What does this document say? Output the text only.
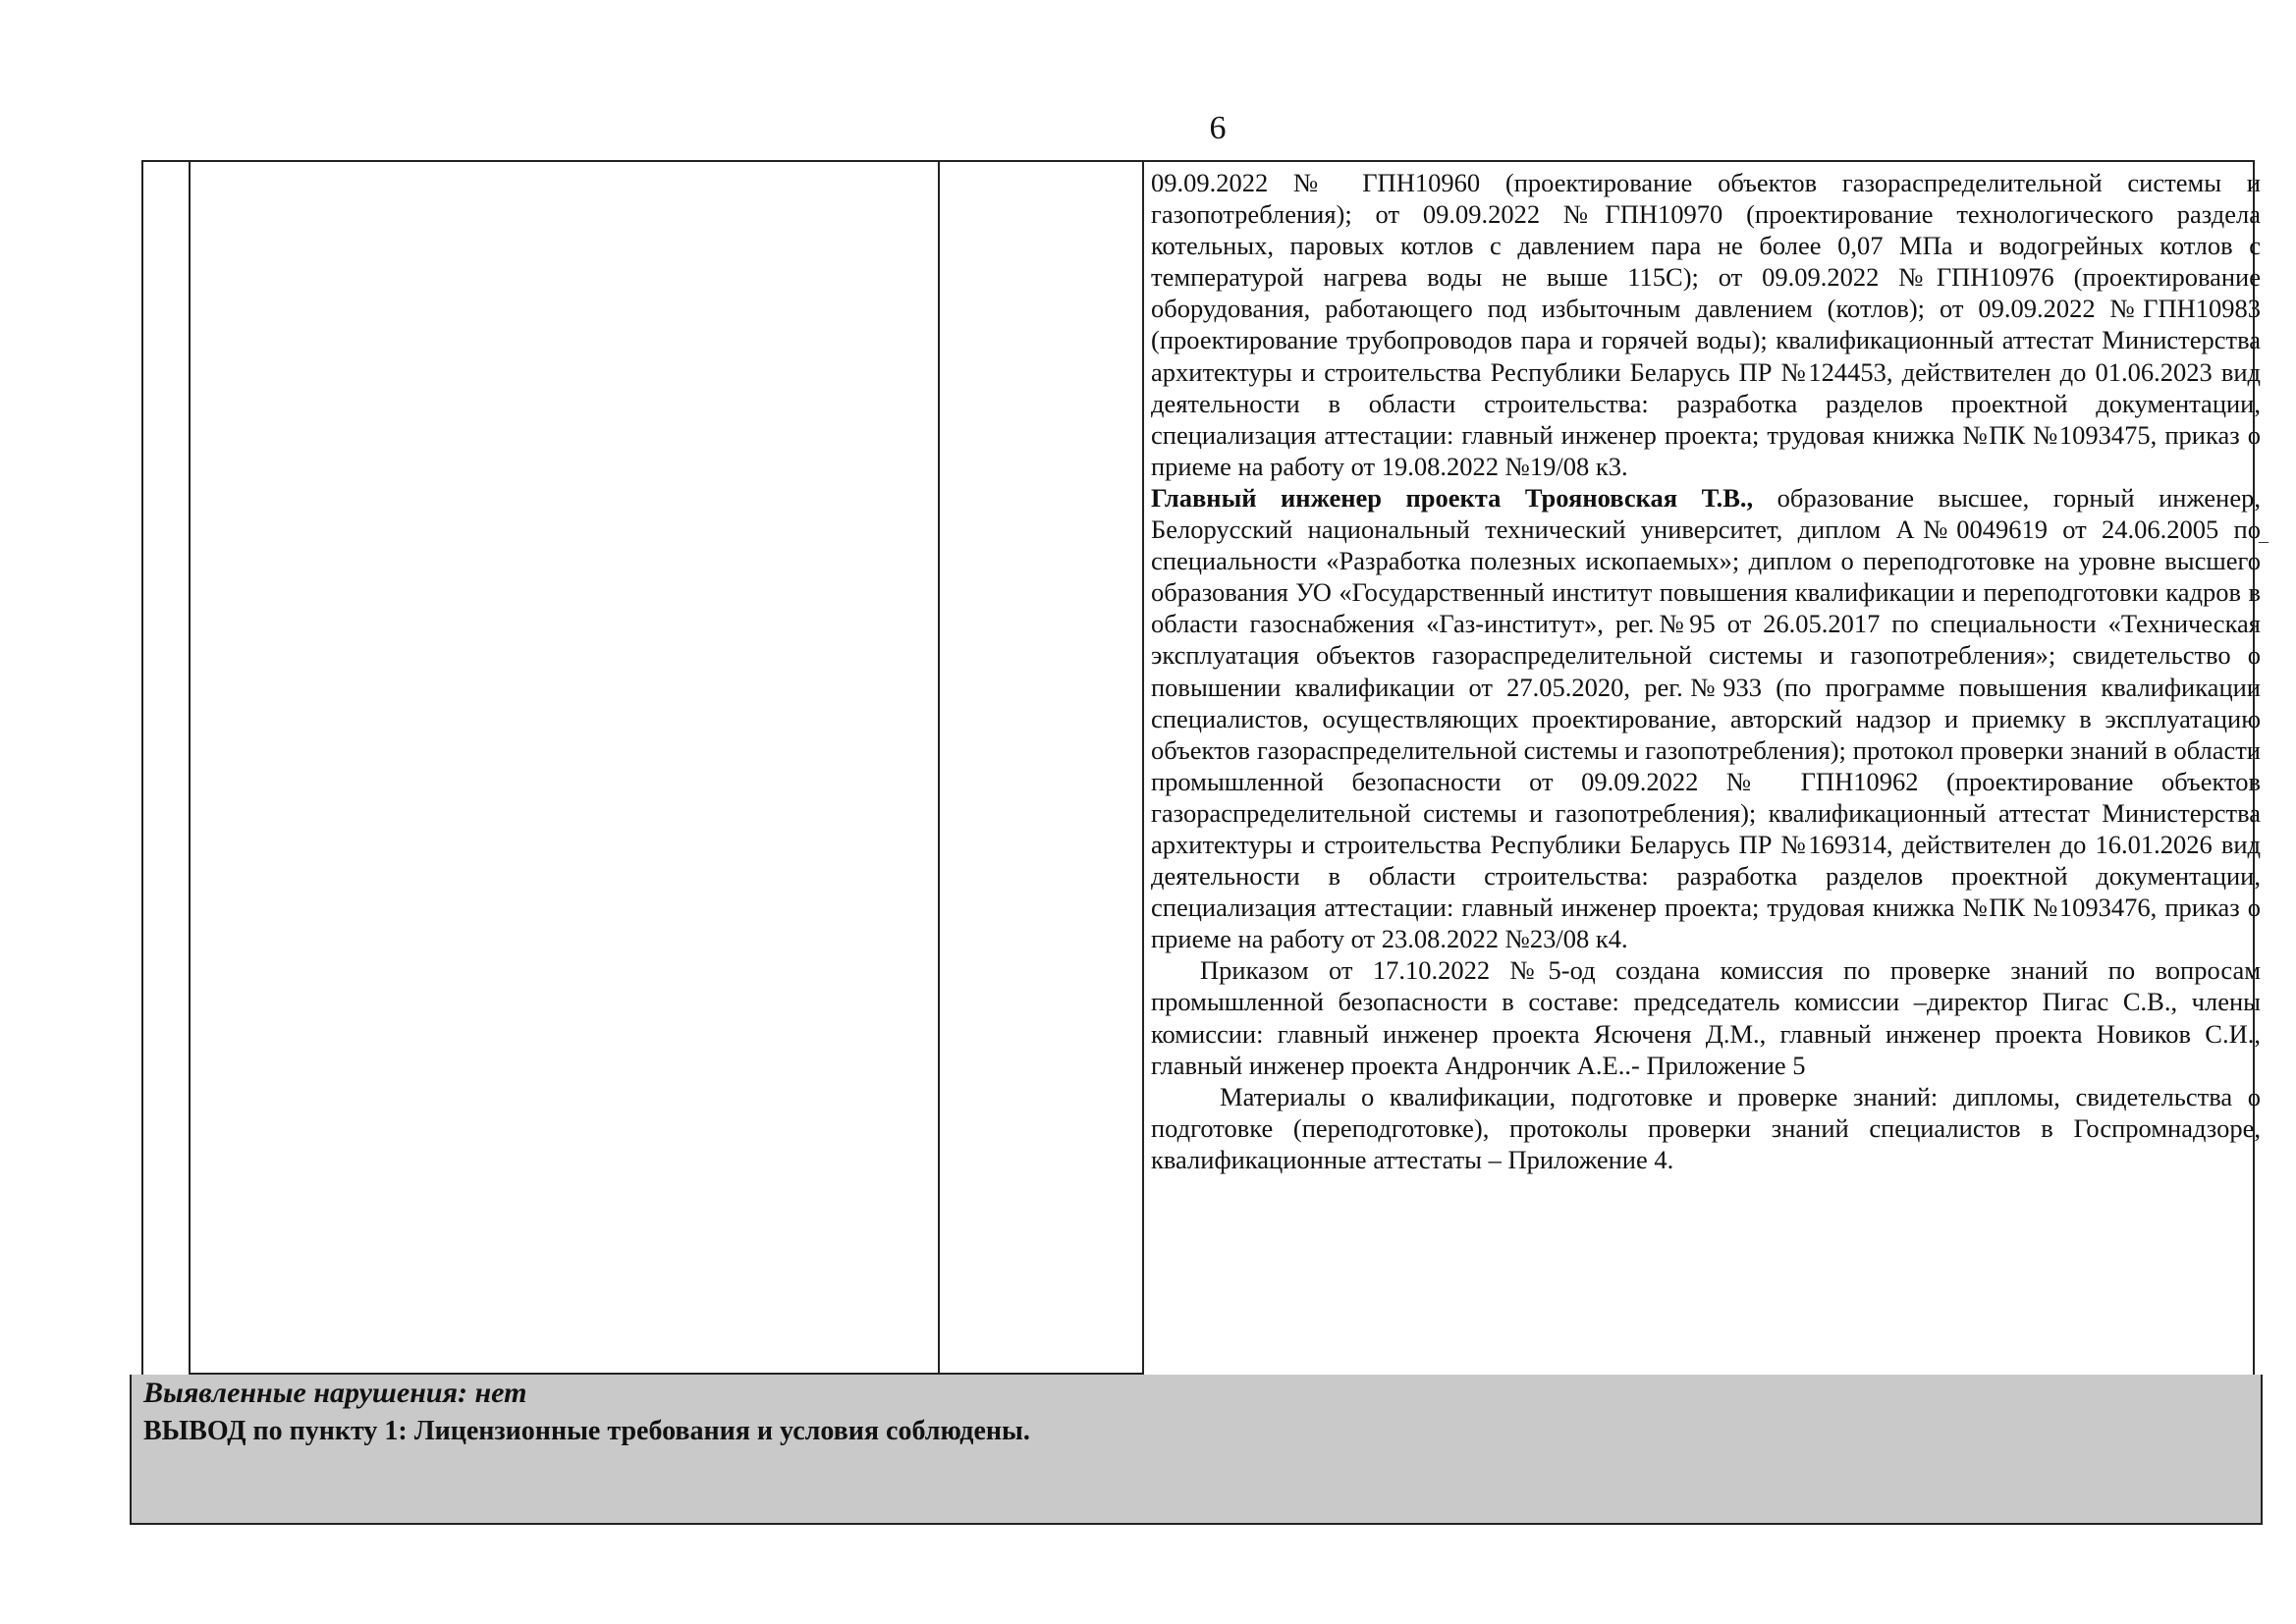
6

09.09.2022 № ГПН10960 (проектирование объектов газораспределительной системы и газопотребления); от 09.09.2022 №ГПН10970 (проектирование технологического раздела котельных, паровых котлов с давлением пара не более 0,07 МПа и водогрейных котлов с температурой нагрева воды не выше 115С); от 09.09.2022 №ГПН10976 (проектирование оборудования, работающего под избыточным давлением (котлов); от 09.09.2022 №ГПН10983 (проектирование трубопроводов пара и горячей воды); квалификационный аттестат Министерства архитектуры и строительства Республики Беларусь ПР №124453, действителен до 01.06.2023 вид деятельности в области строительства: разработка разделов проектной документации, специализация аттестации: главный инженер проекта; трудовая книжка №ПК №1093475, приказ о приеме на работу от 19.08.2022 №19/08 к3.

Главный инженер проекта Трояновская Т.В., образование высшее, горный инженер, Белорусский национальный технический университет, диплом А№0049619 от 24.06.2005 по специальности «Разработка полезных ископаемых»; диплом о переподготовке на уровне высшего образования УО «Государственный институт повышения квалификации и переподготовки кадров в области газоснабжения «Газ-институт», рег.№95 от 26.05.2017 по специальности «Техническая эксплуатация объектов газораспределительной системы и газопотребления»; свидетельство о повышении квалификации от 27.05.2020, рег.№933 (по программе повышения квалификации специалистов, осуществляющих проектирование, авторский надзор и приемку в эксплуатацию объектов газораспределительной системы и газопотребления); протокол проверки знаний в области промышленной безопасности от 09.09.2022 № ГПН10962 (проектирование объектов газораспределительной системы и газопотребления); квалификационный аттестат Министерства архитектуры и строительства Республики Беларусь ПР №169314, действителен до 16.01.2026 вид деятельности в области строительства: разработка разделов проектной документации, специализация аттестации: главный инженер проекта; трудовая книжка №ПК №1093476, приказ о приеме на работу от 23.08.2022 №23/08 к4.

Приказом от 17.10.2022 №5-од создана комиссия по проверке знаний по вопросам промышленной безопасности в составе: председатель комиссии –директор Пигас С.В., члены комиссии: главный инженер проекта Ясюченя Д.М., главный инженер проекта Новиков С.И., главный инженер проекта Андрончик А.Е..- Приложение 5

Материалы о квалификации, подготовке и проверке знаний: дипломы, свидетельства о подготовке (переподготовке), протоколы проверки знаний специалистов в Госпромнадзоре, квалификационные аттестаты – Приложение 4.

–
Выявленные нарушения: нет
ВЫВОД по пункту 1: Лицензионные требования и условия соблюдены.
